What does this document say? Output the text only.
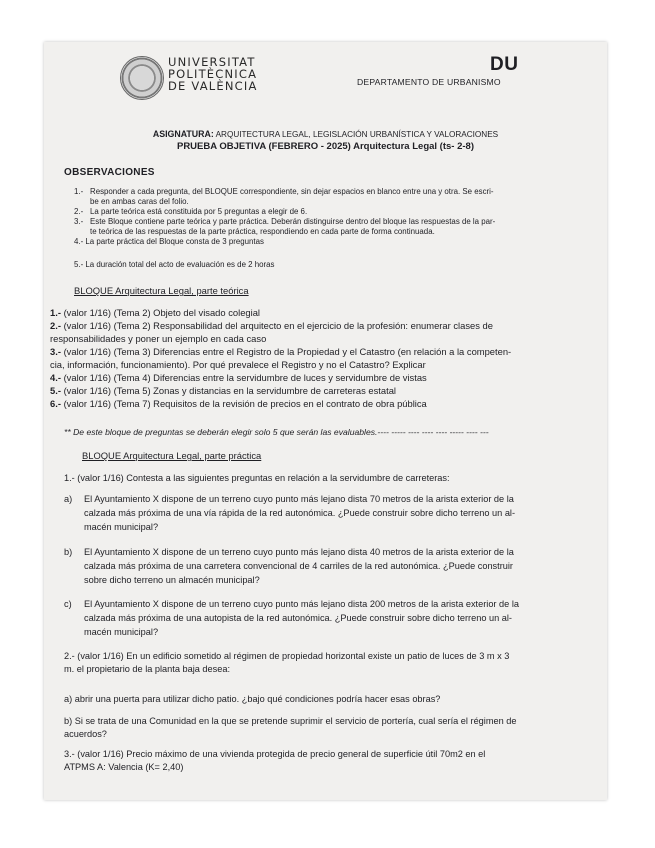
UNIVERSITAT
POLITÈCNICA
DE VALÈNCIA
DU
DEPARTAMENTO DE URBANISMO
ASIGNATURA: ARQUITECTURA LEGAL, LEGISLACIÓN URBANÍSTICA Y VALORACIONES
PRUEBA OBJETIVA (FEBRERO - 2025) Arquitectura Legal (ts- 2-8)
OBSERVACIONES
1.- Responder a cada pregunta, del BLOQUE correspondiente, sin dejar espacios en blanco entre una y otra. Se escri-
be en ambas caras del folio.
2.- La parte teórica está constituida por 5 preguntas a elegir de 6.
3.- Este Bloque contiene parte teórica y parte práctica. Deberán distinguirse dentro del bloque las respuestas de la par-
te teórica de las respuestas de la parte práctica, respondiendo en cada parte de forma continuada.
4.- La parte práctica del Bloque consta de 3 preguntas
5.- La duración total del acto de evaluación es de 2 horas
BLOQUE Arquitectura Legal, parte teórica
1.- (valor 1/16) (Tema 2) Objeto del visado colegial
2.- (valor 1/16) (Tema 2) Responsabilidad del arquitecto en el ejercicio de la profesión: enumerar clases de
responsabilidades y poner un ejemplo en cada caso
3.- (valor 1/16) (Tema 3) Diferencias entre el Registro de la Propiedad y el Catastro (en relación a la competen-
cia, información, funcionamiento). Por qué prevalece el Registro y no el Catastro? Explicar
4.- (valor 1/16) (Tema 4) Diferencias entre la servidumbre de luces y servidumbre de vistas
5.- (valor 1/16) (Tema 5) Zonas y distancias en la servidumbre de carreteras estatal
6.- (valor 1/16) (Tema 7) Requisitos de la revisión de precios en el contrato de obra pública
** De este bloque de preguntas se deberán elegir solo 5 que serán las evaluables.---- ----- ---- ---- ---- ----- ---- ---
BLOQUE Arquitectura Legal, parte práctica
1.- (valor 1/16) Contesta a las siguientes preguntas en relación a la servidumbre de carreteras:
a) El Ayuntamiento X dispone de un terreno cuyo punto más lejano dista 70 metros de la arista exterior de la
calzada más próxima de una vía rápida de la red autonómica. ¿Puede construir sobre dicho terreno un al-
macén municipal?
b) El Ayuntamiento X dispone de un terreno cuyo punto más lejano dista 40 metros de la arista exterior de la
calzada más próxima de una carretera convencional de 4 carriles de la red autonómica. ¿Puede construir
sobre dicho terreno un almacén municipal?
c) El Ayuntamiento X dispone de un terreno cuyo punto más lejano dista 200 metros de la arista exterior de la
calzada más próxima de una autopista de la red autonómica. ¿Puede construir sobre dicho terreno un al-
macén municipal?
2.- (valor 1/16) En un edificio sometido al régimen de propiedad horizontal existe un patio de luces de 3 m x 3
m. el propietario de la planta baja desea:
a) abrir una puerta para utilizar dicho patio. ¿bajo qué condiciones podría hacer esas obras?
b) Si se trata de una Comunidad en la que se pretende suprimir el servicio de portería, cual sería el régimen de
acuerdos?
3.- (valor 1/16) Precio máximo de una vivienda protegida de precio general de superficie útil 70m2 en el
ATPMS A: Valencia (K= 2,40)
